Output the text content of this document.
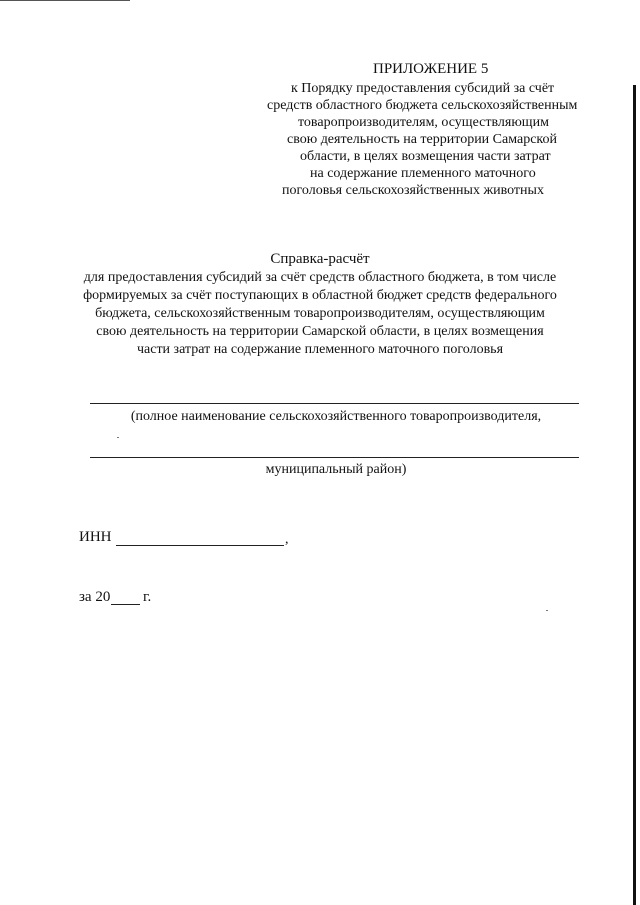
ПРИЛОЖЕНИЕ 5
к Порядку предоставления субсидий за счёт
средств областного бюджета сельскохозяйственным
товаропроизводителям, осуществляющим
свою деятельность на территории Самарской
области, в целях возмещения части затрат
на содержание племенного маточного
поголовья сельскохозяйственных животных
Справка-расчёт
для предоставления субсидий за счёт средств областного бюджета, в том числе
формируемых за счёт поступающих в областной бюджет средств федерального
бюджета, сельскохозяйственным товаропроизводителям, осуществляющим
свою деятельность на территории Самарской области, в целях возмещения
части затрат на содержание племенного маточного поголовья
(полное наименование сельскохозяйственного товаропроизводителя,
муниципальный район)
ИНН	,
за 20 г.
